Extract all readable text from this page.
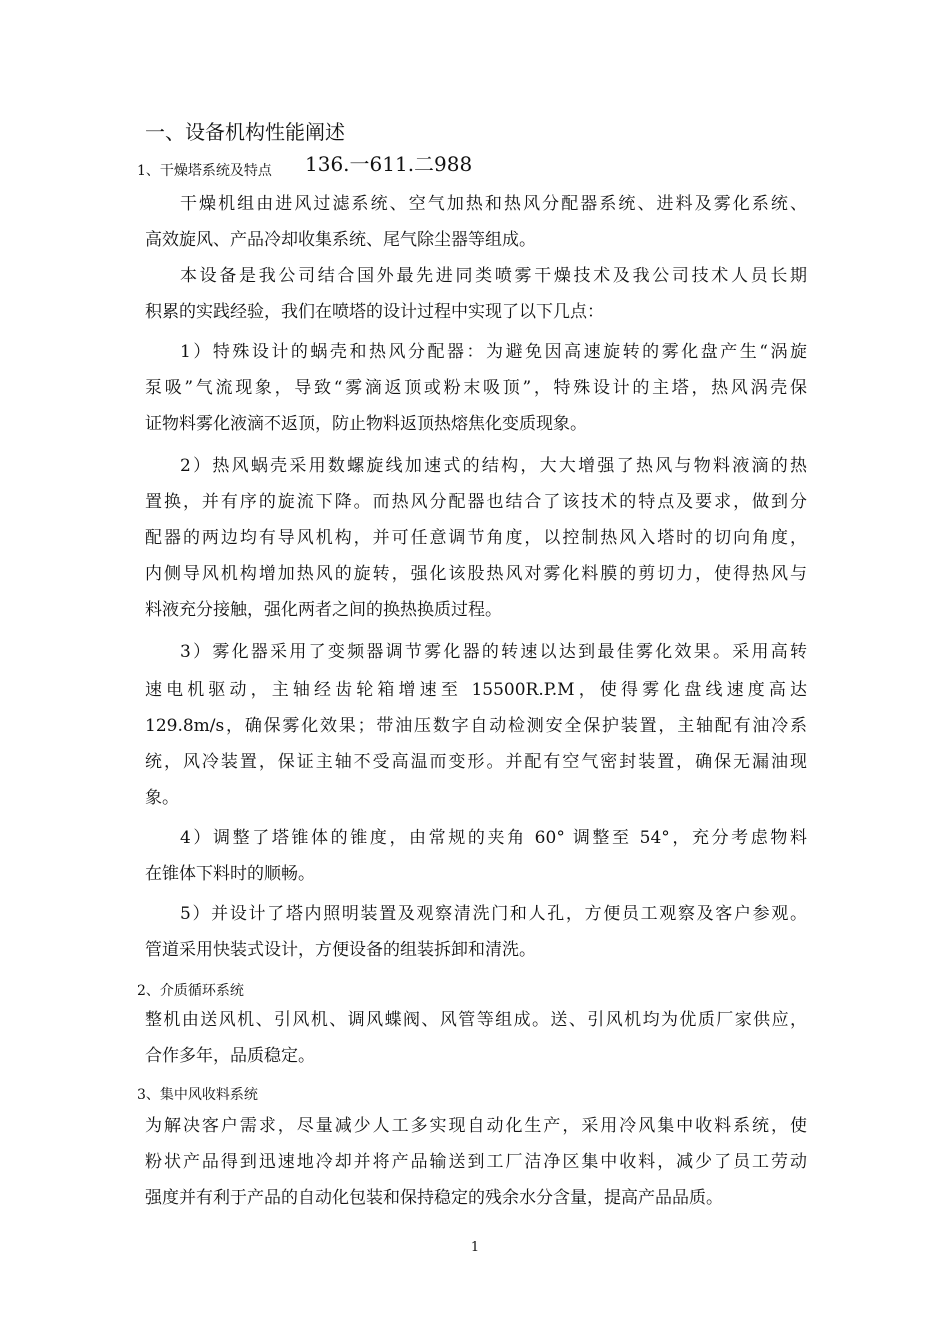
一、设备机构性能阐述
1、干燥塔系统及特点 136.一611.二988
干燥机组由进风过滤系统、空气加热和热风分配器系统、进料及雾化系统、
高效旋风、产品冷却收集系统、尾气除尘器等组成。
本设备是我公司结合国外最先进同类喷雾干燥技术及我公司技术人员长期
积累的实践经验，我们在喷塔的设计过程中实现了以下几点：
1）特殊设计的蜗壳和热风分配器：为避免因高速旋转的雾化盘产生“涡旋
泵吸”气流现象，导致“雾滴返顶或粉末吸顶”，特殊设计的主塔，热风涡壳保
证物料雾化液滴不返顶，防止物料返顶热熔焦化变质现象。
2）热风蜗壳采用数螺旋线加速式的结构，大大增强了热风与物料液滴的热
置换，并有序的旋流下降。而热风分配器也结合了该技术的特点及要求，做到分
配器的两边均有导风机构，并可任意调节角度，以控制热风入塔时的切向角度，
内侧导风机构增加热风的旋转，强化该股热风对雾化料膜的剪切力，使得热风与
料液充分接触，强化两者之间的换热换质过程。
3）雾化器采用了变频器调节雾化器的转速以达到最佳雾化效果。采用高转
速电机驱动，主轴经齿轮箱增速至 15500R.P.M，使得雾化盘线速度高达
129.8m/s，确保雾化效果；带油压数字自动检测安全保护装置，主轴配有油冷系
统，风冷装置，保证主轴不受高温而变形。并配有空气密封装置，确保无漏油现
象。
4）调整了塔锥体的锥度，由常规的夹角 60° 调整至 54°，充分考虑物料
在锥体下料时的顺畅。
5）并设计了塔内照明装置及观察清洗门和人孔，方便员工观察及客户参观。
管道采用快装式设计，方便设备的组装拆卸和清洗。
2、介质循环系统
整机由送风机、引风机、调风蝶阀、风管等组成。送、引风机均为优质厂家供应，
合作多年，品质稳定。
3、集中风收料系统
为解决客户需求，尽量减少人工多实现自动化生产，采用冷风集中收料系统，使
粉状产品得到迅速地冷却并将产品输送到工厂洁净区集中收料，减少了员工劳动
强度并有利于产品的自动化包装和保持稳定的残余水分含量，提高产品品质。
1
